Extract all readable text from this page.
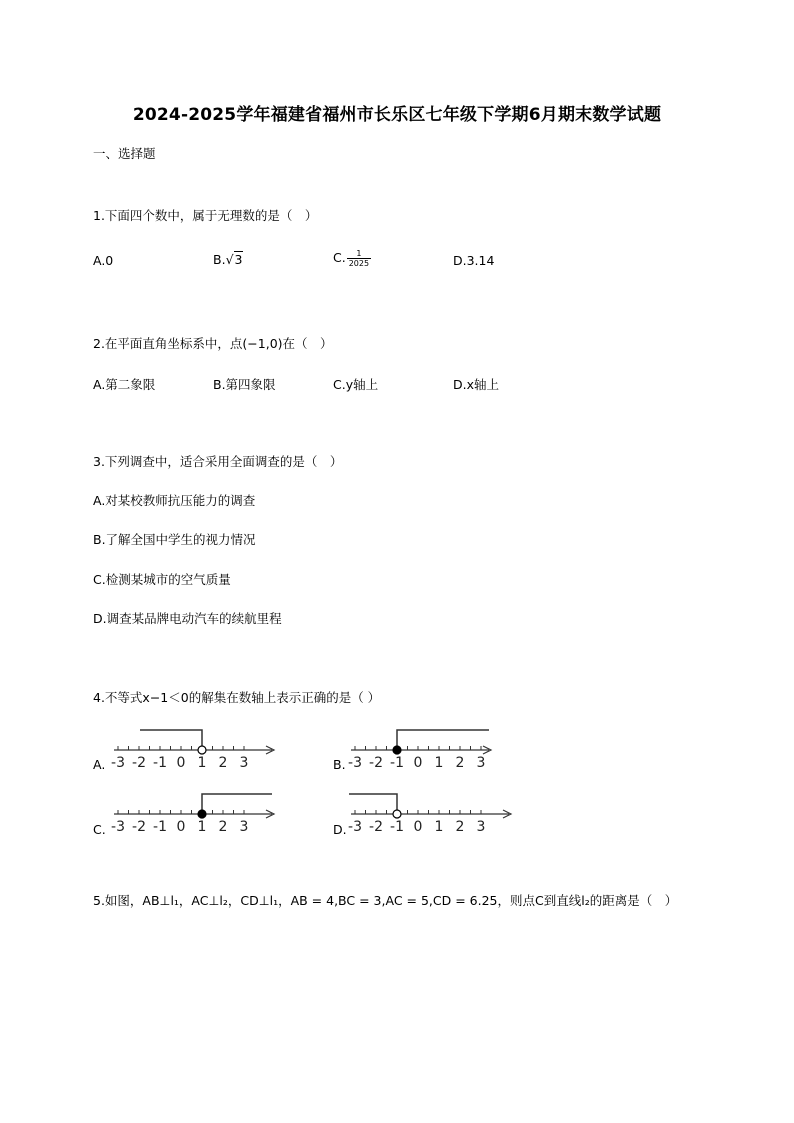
2024-2025学年福建省福州市长乐区七年级下学期6月期末数学试题
一、选择题
1.下面四个数中，属于无理数的是（　）
A.0	B.√3	C. $\frac{1}{2025}$	D.3.14
2.在平面直角坐标系中，点(−1,0)在（　）
A.第二象限	B.第四象限	C.y轴上	D.x轴上
3.下列调查中，适合采用全面调查的是（　）
A.对某校教师抗压能力的调查
B.了解全国中学生的视力情况
C.检测某城市的空气质量
D.调查某品牌电动汽车的续航里程
4.不等式x−1＜0的解集在数轴上表示正确的是（ ）
A. -3 -2 -1 0 1 2 3	B. -3 -2 -1 0 1 2 3
C. -3 -2 -1 0 1 2 3	D. -3 -2 -1 0 1 2 3
5.如图，AB⊥l₁，AC⊥l₂，CD⊥l₁，AB = 4,BC = 3,AC = 5,CD = 6.25，则点C到直线l₂的距离是（　）
